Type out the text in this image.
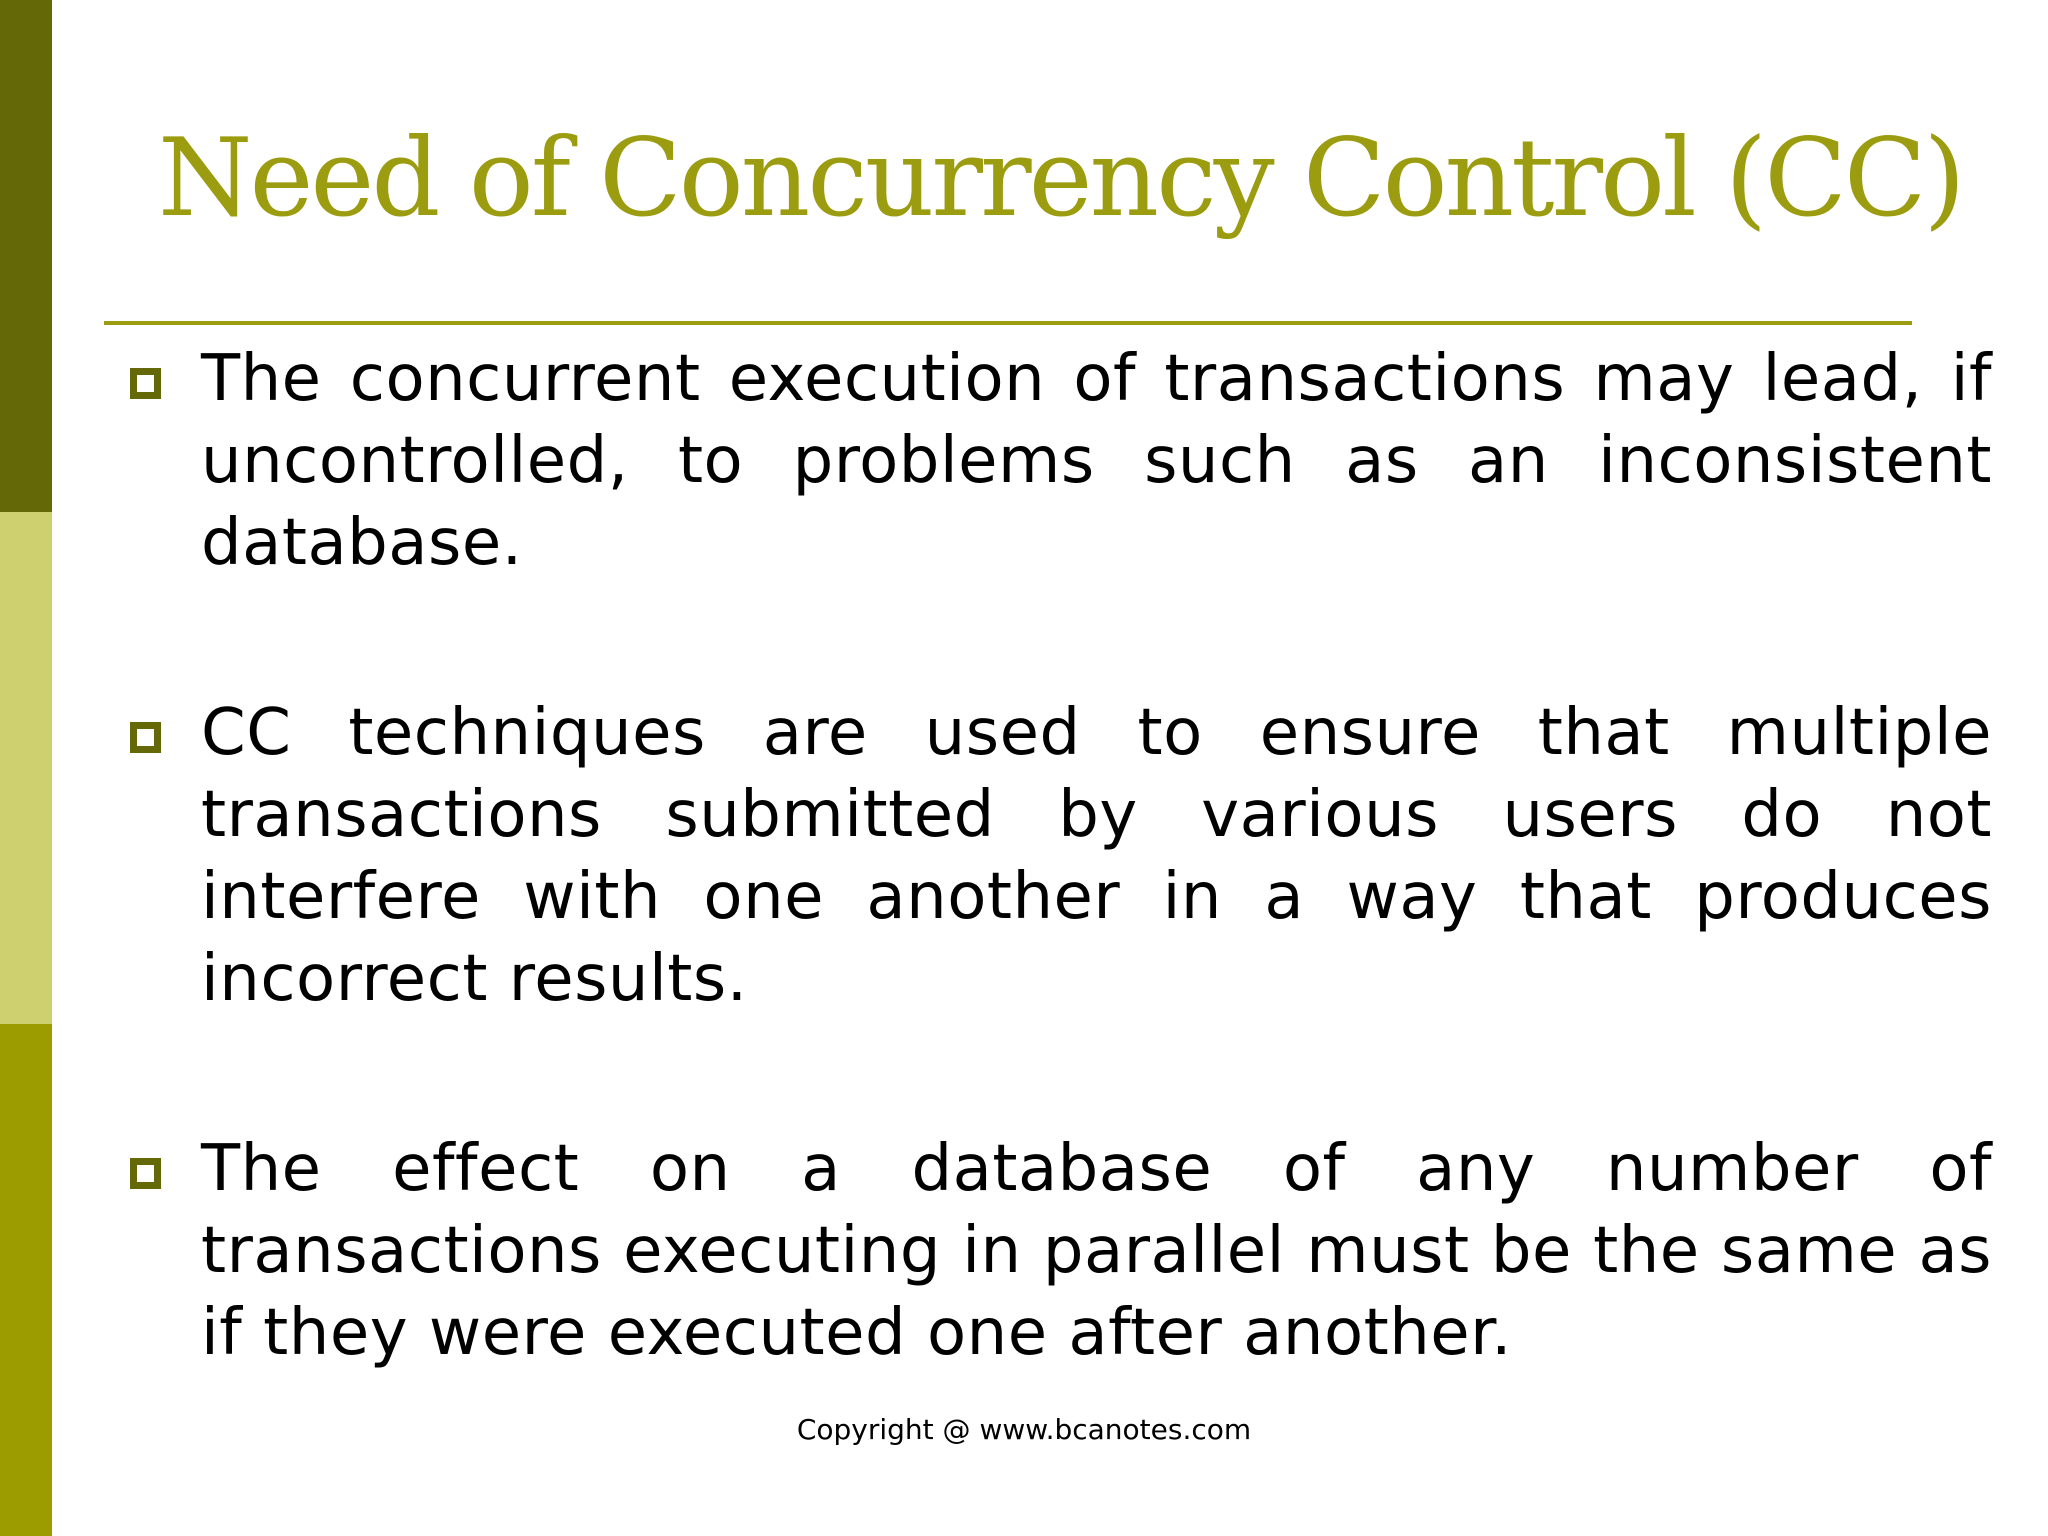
Need of Concurrency Control (CC)
The concurrent execution of transactions may lead, if uncontrolled, to problems such as an inconsistent database.
CC techniques are used to ensure that multiple transactions submitted by various users do not interfere with one another in a way that produces incorrect results.
The effect on a database of any number of transactions executing in parallel must be the same as if they were executed one after another.
Copyright @ www.bcanotes.com
